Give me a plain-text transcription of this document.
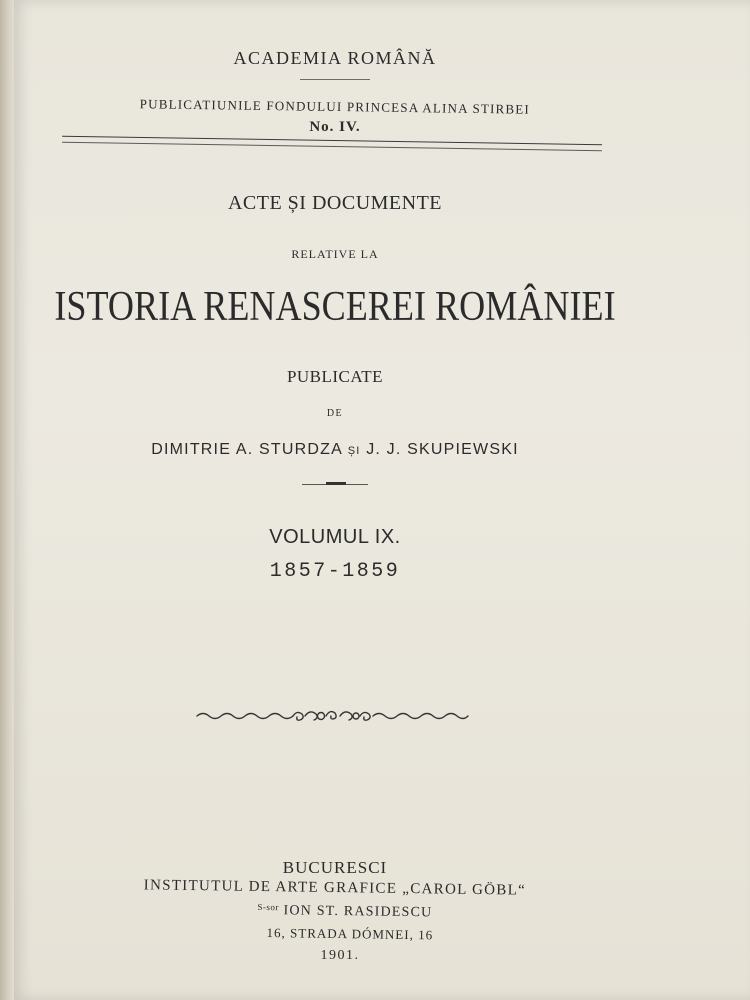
ACADEMIA ROMÂNĂ
PUBLICATIUNILE FONDULUI PRINCESA ALINA STIRBEI
No. IV.
ACTE ȘI DOCUMENTE
RELATIVE LA
ISTORIA RENASCEREI ROMÂNIEI
PUBLICATE
DE
DIMITRIE A. STURDZA ȘI J. J. SKUPIEWSKI
VOLUMUL IX.
1857-1859
BUCURESCI
INSTITUTUL DE ARTE GRAFICE „CAROL GÖBL“
$^{S-sor}$ ION ST. RASIDESCU
16, STRADA DÓMNEI, 16
1901.
